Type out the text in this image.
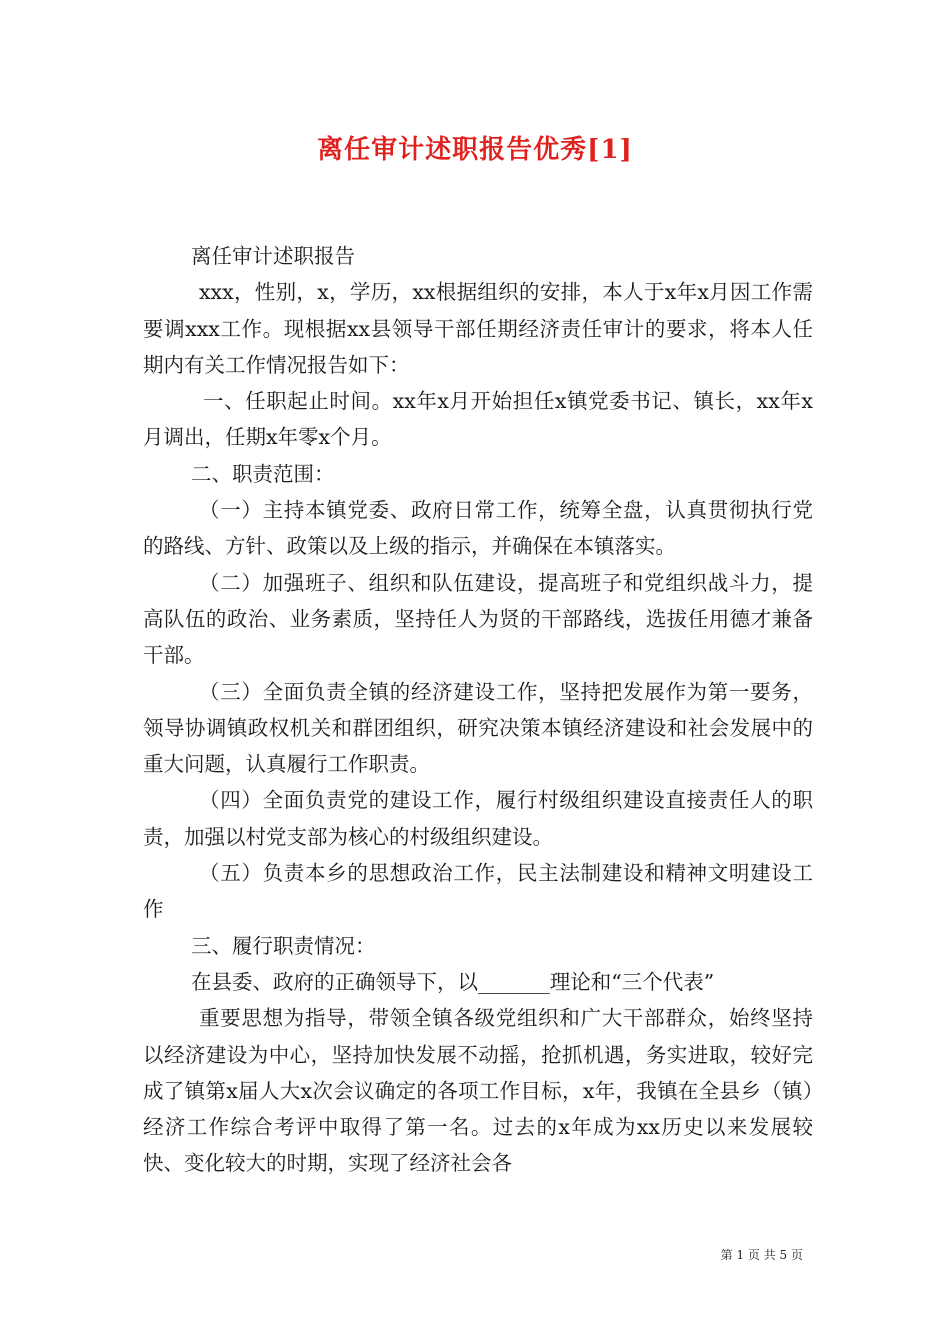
离任审计述职报告优秀[1]

离任审计述职报告

xxx，性别，x，学历，xx根据组织的安排，本人于x年x月因工作需要调xxx工作。现根据xx县领导干部任期经济责任审计的要求，将本人任期内有关工作情况报告如下：

一、任职起止时间。xx年x月开始担任x镇党委书记、镇长，xx年x月调出，任期x年零x个月。

二、职责范围：

（一）主持本镇党委、政府日常工作，统筹全盘，认真贯彻执行党的路线、方针、政策以及上级的指示，并确保在本镇落实。

（二）加强班子、组织和队伍建设，提高班子和党组织战斗力，提高队伍的政治、业务素质，坚持任人为贤的干部路线，选拔任用德才兼备干部。

（三）全面负责全镇的经济建设工作，坚持把发展作为第一要务，领导协调镇政权机关和群团组织，研究决策本镇经济建设和社会发展中的重大问题，认真履行工作职责。

（四）全面负责党的建设工作，履行村级组织建设直接责任人的职责，加强以村党支部为核心的村级组织建设。

（五）负责本乡的思想政治工作，民主法制建设和精神文明建设工作

三、履行职责情况：

在县委、政府的正确领导下，以_______理论和“三个代表”

重要思想为指导，带领全镇各级党组织和广大干部群众，始终坚持以经济建设为中心，坚持加快发展不动摇，抢抓机遇，务实进取，较好完成了镇第x届人大x次会议确定的各项工作目标，x年，我镇在全县乡（镇）经济工作综合考评中取得了第一名。过去的x年成为xx历史以来发展较快、变化较大的时期，实现了经济社会各

第 1 页 共 5 页
